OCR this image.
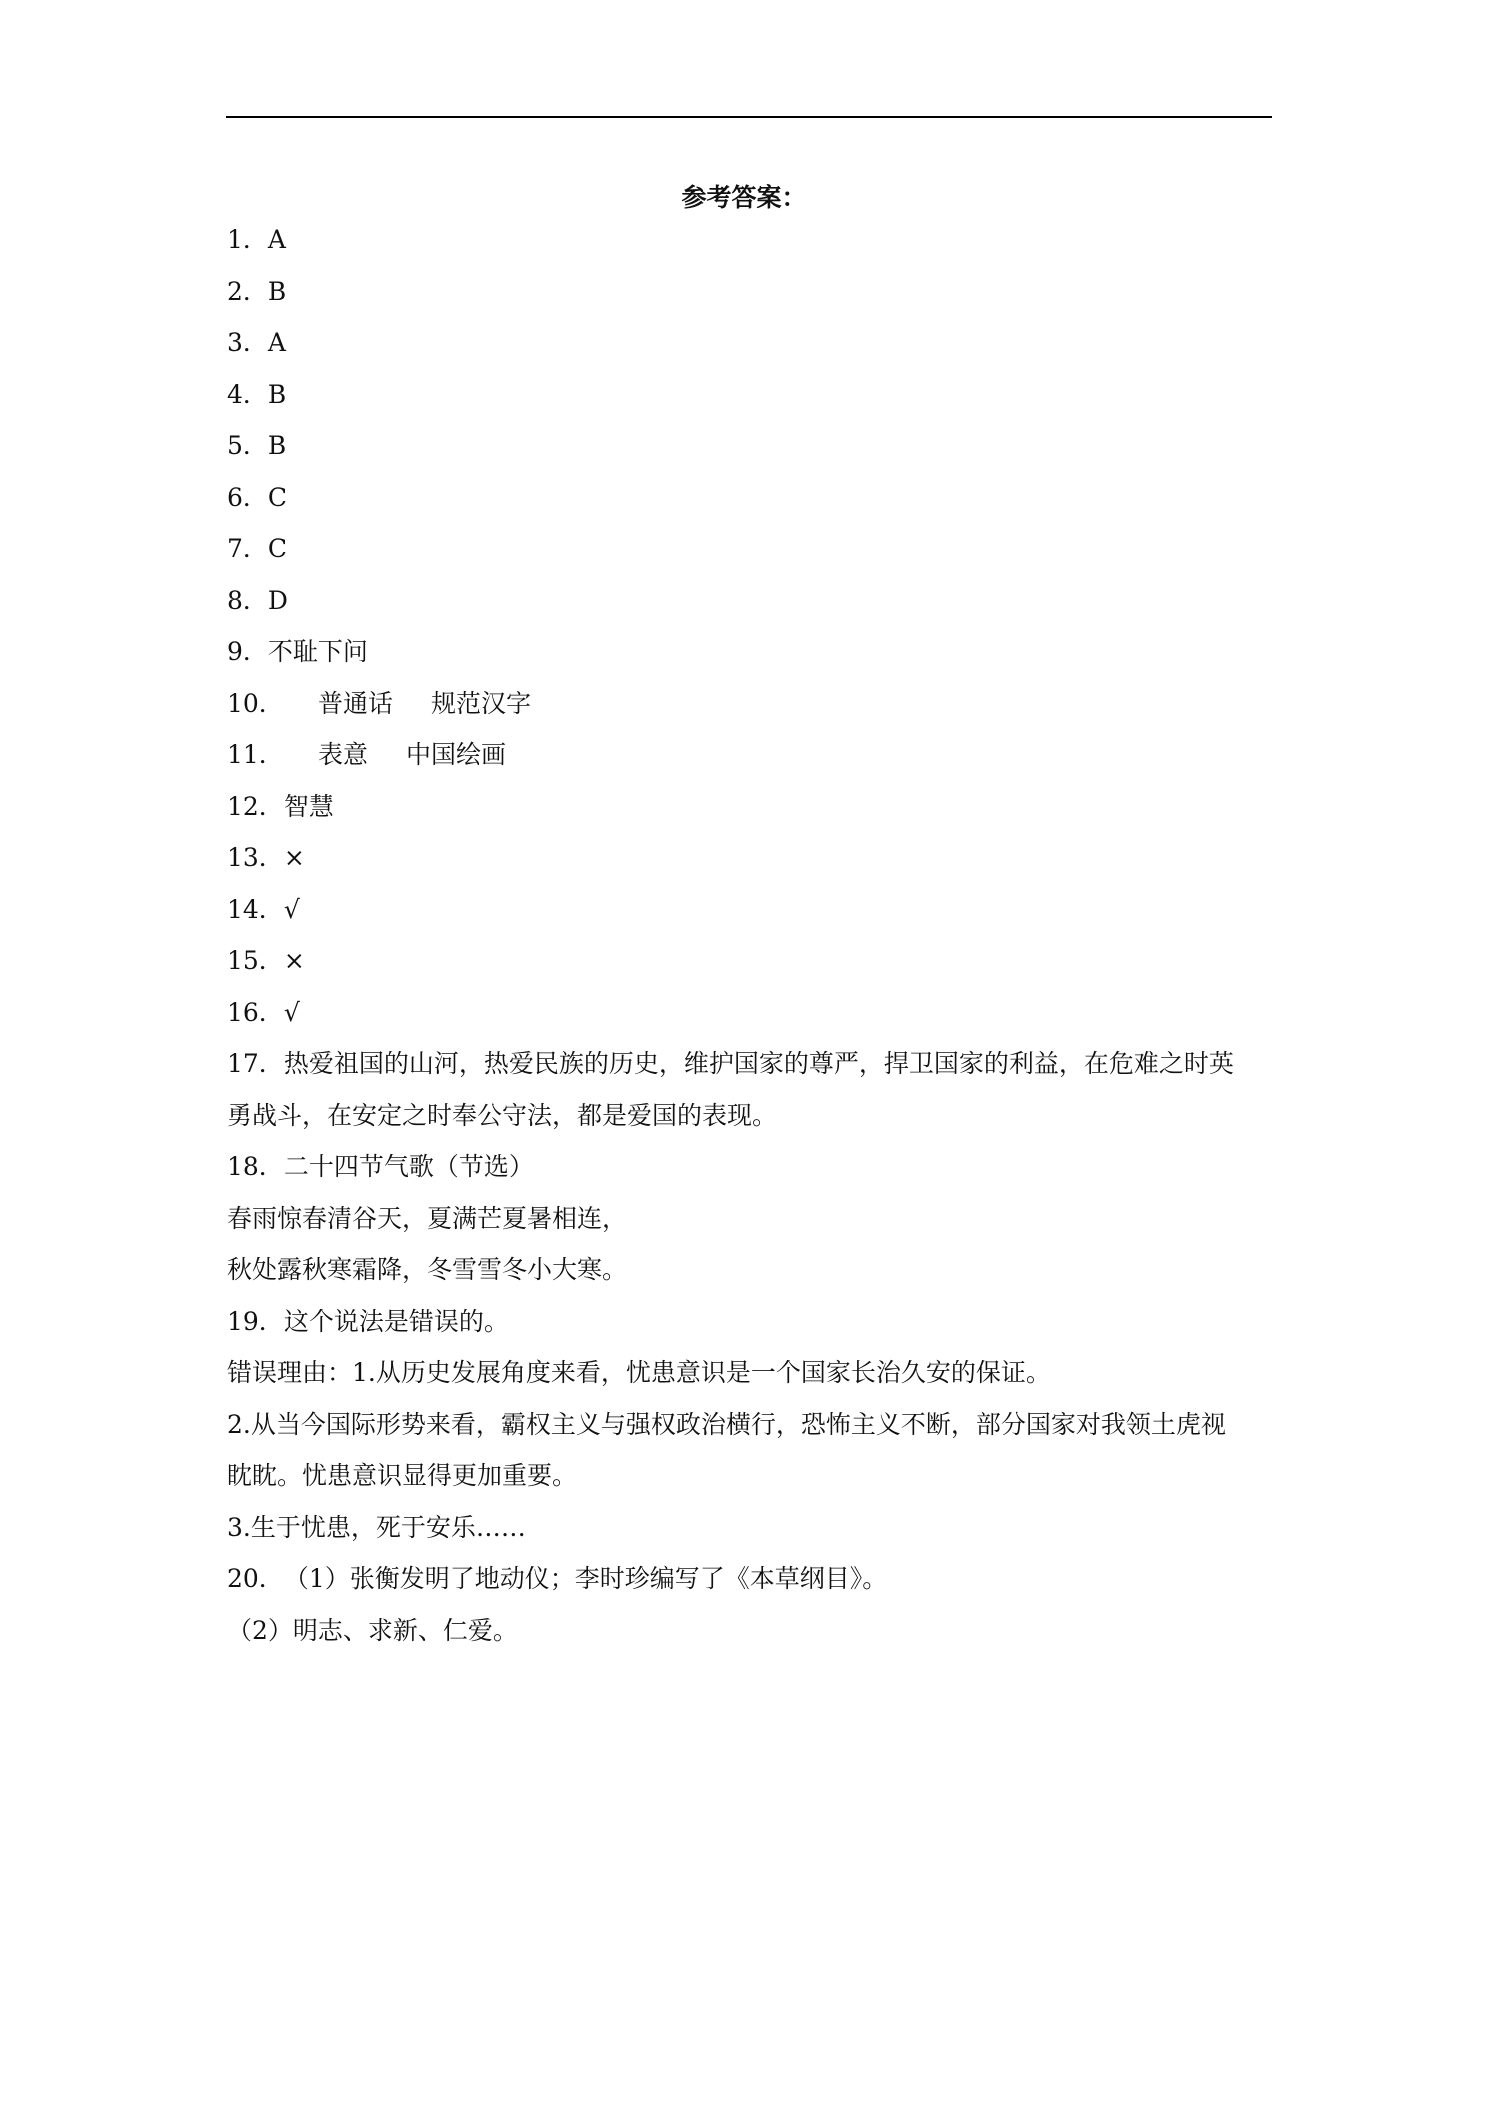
参考答案：
1．A
2．B
3．A
4．B
5．B
6．C
7．C
8．D
9．不耻下问
10． 普通话 规范汉字
11． 表意 中国绘画
12．智慧
13．×
14．√
15．×
16．√
17．热爱祖国的山河，热爱民族的历史，维护国家的尊严，捍卫国家的利益，在危难之时英
勇战斗，在安定之时奉公守法，都是爱国的表现。
18．二十四节气歌（节选）
春雨惊春清谷天，夏满芒夏暑相连，
秋处露秋寒霜降，冬雪雪冬小大寒。
19．这个说法是错误的。
错误理由：1.从历史发展角度来看，忧患意识是一个国家长治久安的保证。
2.从当今国际形势来看，霸权主义与强权政治横行，恐怖主义不断，部分国家对我领土虎视
眈眈。忧患意识显得更加重要。
3.生于忧患，死于安乐……
20．（1）张衡发明了地动仪；李时珍编写了《本草纲目》。
（2）明志、求新、仁爱。
